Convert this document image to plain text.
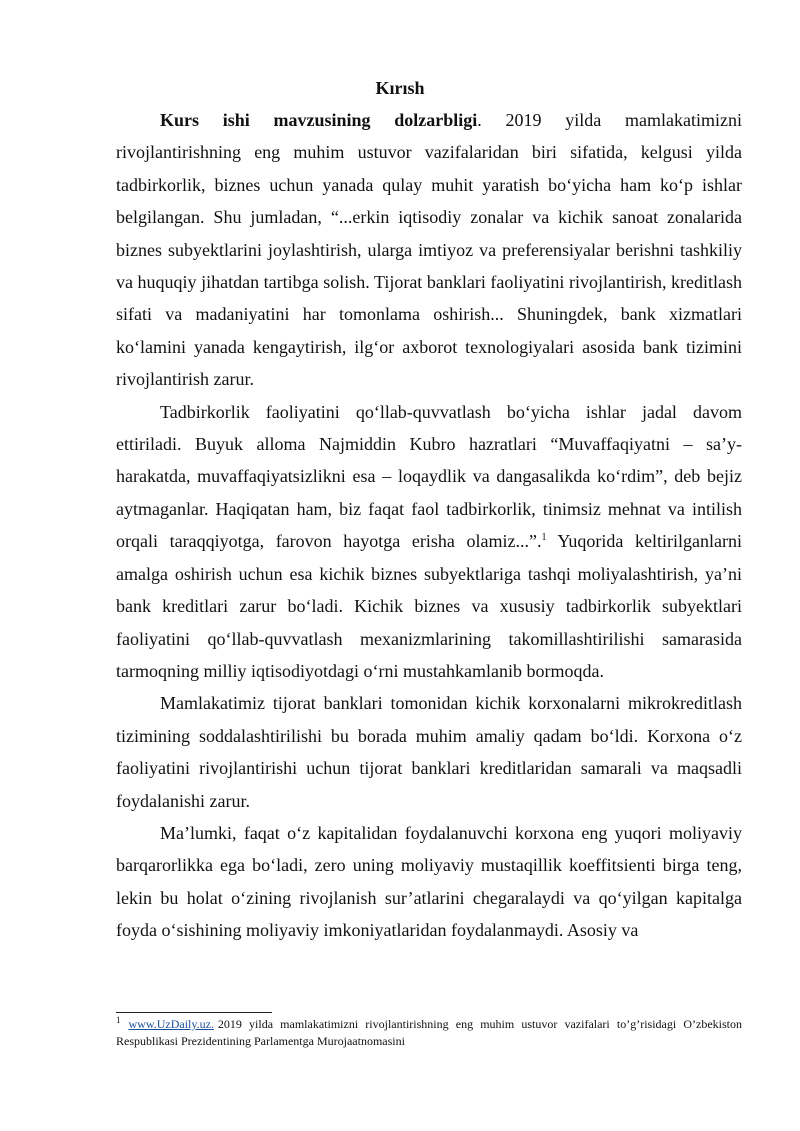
Kırısh

Kurs ishi mavzusining dolzarbligi. 2019 yilda mamlakatimizni rivojlantirishning eng muhim ustuvor vazifalaridan biri sifatida, kelgusi yilda tadbirkorlik, biznes uchun yanada qulay muhit yaratish bo‘yicha ham ko‘p ishlar belgilangan. Shu jumladan, “...erkin iqtisodiy zonalar va kichik sanoat zonalarida biznes subyektlarini joylashtirish, ularga imtiyoz va preferensiyalar berishni tashkiliy va huquqiy jihatdan tartibga solish. Tijorat banklari faoliyatini rivojlantirish, kreditlash sifati va madaniyatini har tomonlama oshirish... Shuningdek, bank xizmatlari ko‘lamini yanada kengaytirish, ilg‘or axborot texnologiyalari asosida bank tizimini rivojlantirish zarur.

Tadbirkorlik faoliyatini qo‘llab-quvvatlash bo‘yicha ishlar jadal davom ettiriladi. Buyuk alloma Najmiddin Kubro hazratlari “Muvaffaqiyatni – sa’y-harakatda, muvaffaqiyatsizlikni esa – loqaydlik va dangasalikda ko‘rdim”, deb bejiz aytmaganlar. Haqiqatan ham, biz faqat faol tadbirkorlik, tinimsiz mehnat va intilish orqali taraqqiyotga, farovon hayotga erisha olamiz...”.$^1$ Yuqorida keltirilganlarni amalga oshirish uchun esa kichik biznes subyektlariga tashqi moliyalashtirish, ya’ni bank kreditlari zarur bo‘ladi. Kichik biznes va xususiy tadbirkorlik subyektlari faoliyatini qo‘llab-quvvatlash mexanizmlarining takomillashtirilishi samarasida tarmoqning milliy iqtisodiyotdagi o‘rni mustahkamlanib bormoqda.

Mamlakatimiz tijorat banklari tomonidan kichik korxonalarni mikrokreditlash tizimining soddalashtirilishi bu borada muhim amaliy qadam bo‘ldi. Korxona o‘z faoliyatini rivojlantirishi uchun tijorat banklari kreditlaridan samarali va maqsadli foydalanishi zarur.

Ma’lumki, faqat o‘z kapitalidan foydalanuvchi korxona eng yuqori moliyaviy barqarorlikka ega bo‘ladi, zero uning moliyaviy mustaqillik koeffitsienti birga teng, lekin bu holat o‘zining rivojlanish sur’atlarini chegaralaydi va qo‘yilgan kapitalga foyda o‘sishining moliyaviy imkoniyatlaridan foydalanmaydi. Asosiy va

$^1$ www.UzDaily.uz. 2019 yilda mamlakatimizni rivojlantirishning eng muhim ustuvor vazifalari to’g’risidagi O’zbekiston Respublikasi Prezidentining Parlamentga Murojaatnomasini
